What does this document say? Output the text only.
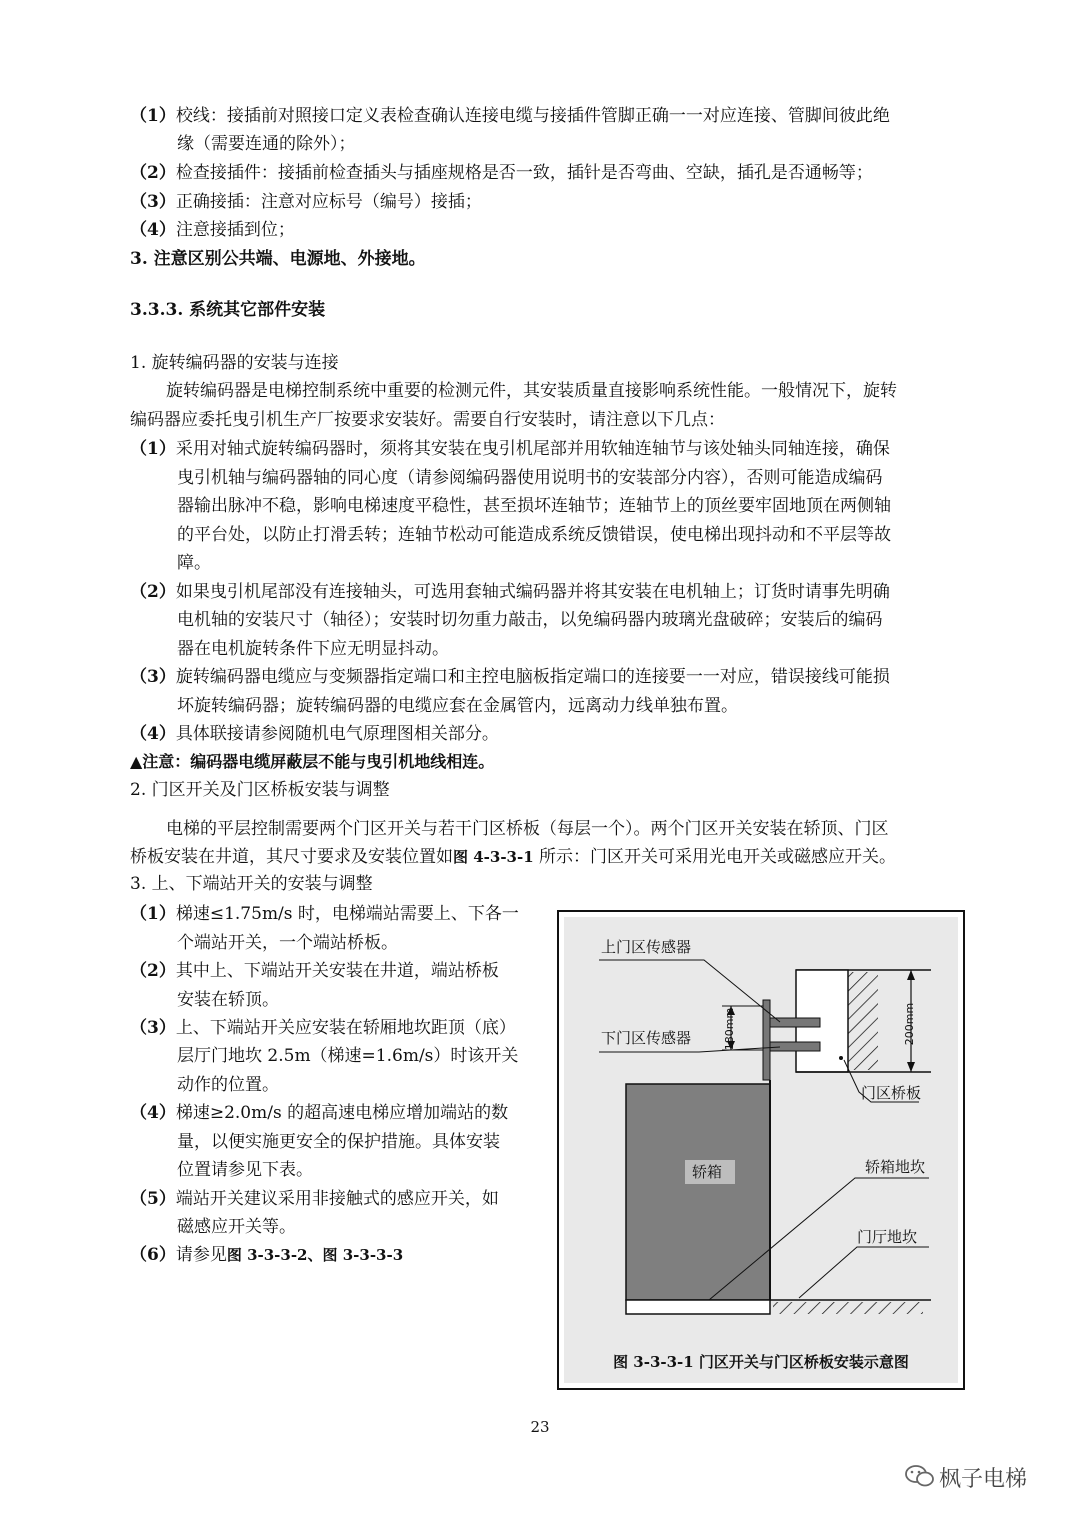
（1）校线：接插前对照接口定义表检查确认连接电缆与接插件管脚正确一一对应连接、管脚间彼此绝
缘（需要连通的除外）；
（2）检查接插件：接插前检查插头与插座规格是否一致，插针是否弯曲、空缺，插孔是否通畅等；
（3）正确接插：注意对应标号（编号）接插；
（4）注意接插到位；
3. 注意区别公共端、电源地、外接地。
3.3.3. 系统其它部件安装
1. 旋转编码器的安装与连接
旋转编码器是电梯控制系统中重要的检测元件，其安装质量直接影响系统性能。一般情况下，旋转
编码器应委托曳引机生产厂按要求安装好。需要自行安装时，请注意以下几点：
（1）采用对轴式旋转编码器时，须将其安装在曳引机尾部并用软轴连轴节与该处轴头同轴连接，确保
曳引机轴与编码器轴的同心度（请参阅编码器使用说明书的安装部分内容），否则可能造成编码
器输出脉冲不稳，影响电梯速度平稳性，甚至损坏连轴节；连轴节上的顶丝要牢固地顶在两侧轴
的平台处，以防止打滑丢转；连轴节松动可能造成系统反馈错误，使电梯出现抖动和不平层等故
障。
（2）如果曳引机尾部没有连接轴头，可选用套轴式编码器并将其安装在电机轴上；订货时请事先明确
电机轴的安装尺寸（轴径）；安装时切勿重力敲击，以免编码器内玻璃光盘破碎；安装后的编码
器在电机旋转条件下应无明显抖动。
（3）旋转编码器电缆应与变频器指定端口和主控电脑板指定端口的连接要一一对应，错误接线可能损
坏旋转编码器；旋转编码器的电缆应套在金属管内，远离动力线单独布置。
（4）具体联接请参阅随机电气原理图相关部分。
▲注意：编码器电缆屏蔽层不能与曳引机地线相连。
2. 门区开关及门区桥板安装与调整
电梯的平层控制需要两个门区开关与若干门区桥板（每层一个）。两个门区开关安装在轿顶、门区
桥板安装在井道，其尺寸要求及安装位置如图 4-3-3-1 所示：门区开关可采用光电开关或磁感应开关。
3. 上、下端站开关的安装与调整
（1）梯速≤1.75m/s 时，电梯端站需要上、下各一
个端站开关，一个端站桥板。
（2）其中上、下端站开关安装在井道，端站桥板
安装在轿顶。
（3）上、下端站开关应安装在轿厢地坎距顶（底）
层厅门地坎 2.5m（梯速=1.6m/s）时该开关
动作的位置。
（4）梯速≥2.0m/s 的超高速电梯应增加端站的数
量，以便实施更安全的保护措施。具体安装
位置请参见下表。
（5）端站开关建议采用非接触式的感应开关，如
磁感应开关等。
（6）请参见图 3-3-3-2、图 3-3-3-3
上门区传感器
下门区传感器	180mm	200mm
门区桥板
轿箱	轿箱地坎
门厅地坎
图 3-3-3-1 门区开关与门区桥板安装示意图
23
枫子电梯
